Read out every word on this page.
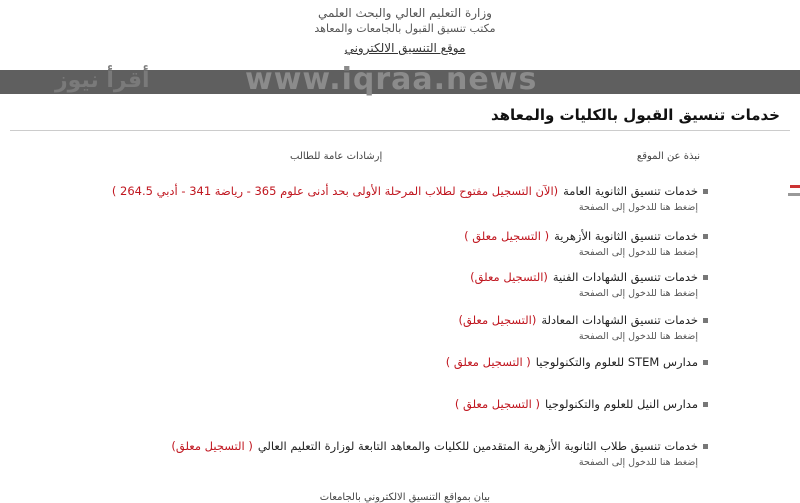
وزارة التعليم العالي والبحث العلمي
مكتب تنسيق القبول بالجامعات والمعاهد
موقع التنسيق الالكتروني
www.iqraa.news
أقرأ نيوز
خدمات تنسيق القبول بالكليات والمعاهد
نبذة عن الموقع
إرشادات عامة للطالب
خدمات تنسيق الثانوية العامة
(الآن التسجيل مفتوح لطلاب المرحلة الأولى بحد أدنى علوم 365 - رياضة 341 - أدبي 264.5 )
إضغط هنا للدخول إلى الصفحة
خدمات تنسيق الثانوية الأزهرية
( التسجيل معلق )
إضغط هنا للدخول إلى الصفحة
خدمات تنسيق الشهادات الفنية
(التسجيل معلق)
إضغط هنا للدخول إلى الصفحة
خدمات تنسيق الشهادات المعادلة
(التسجيل معلق)
إضغط هنا للدخول إلى الصفحة
مدارس STEM للعلوم والتكنولوجيا
( التسجيل معلق )
مدارس النيل للعلوم والتكنولوجيا
( التسجيل معلق )
خدمات تنسيق طلاب الثانوية الأزهرية المتقدمين للكليات والمعاهد التابعة لوزارة التعليم العالي
( التسجيل معلق)
إضغط هنا للدخول إلى الصفحة
بيان بمواقع التنسيق الالكتروني بالجامعات
